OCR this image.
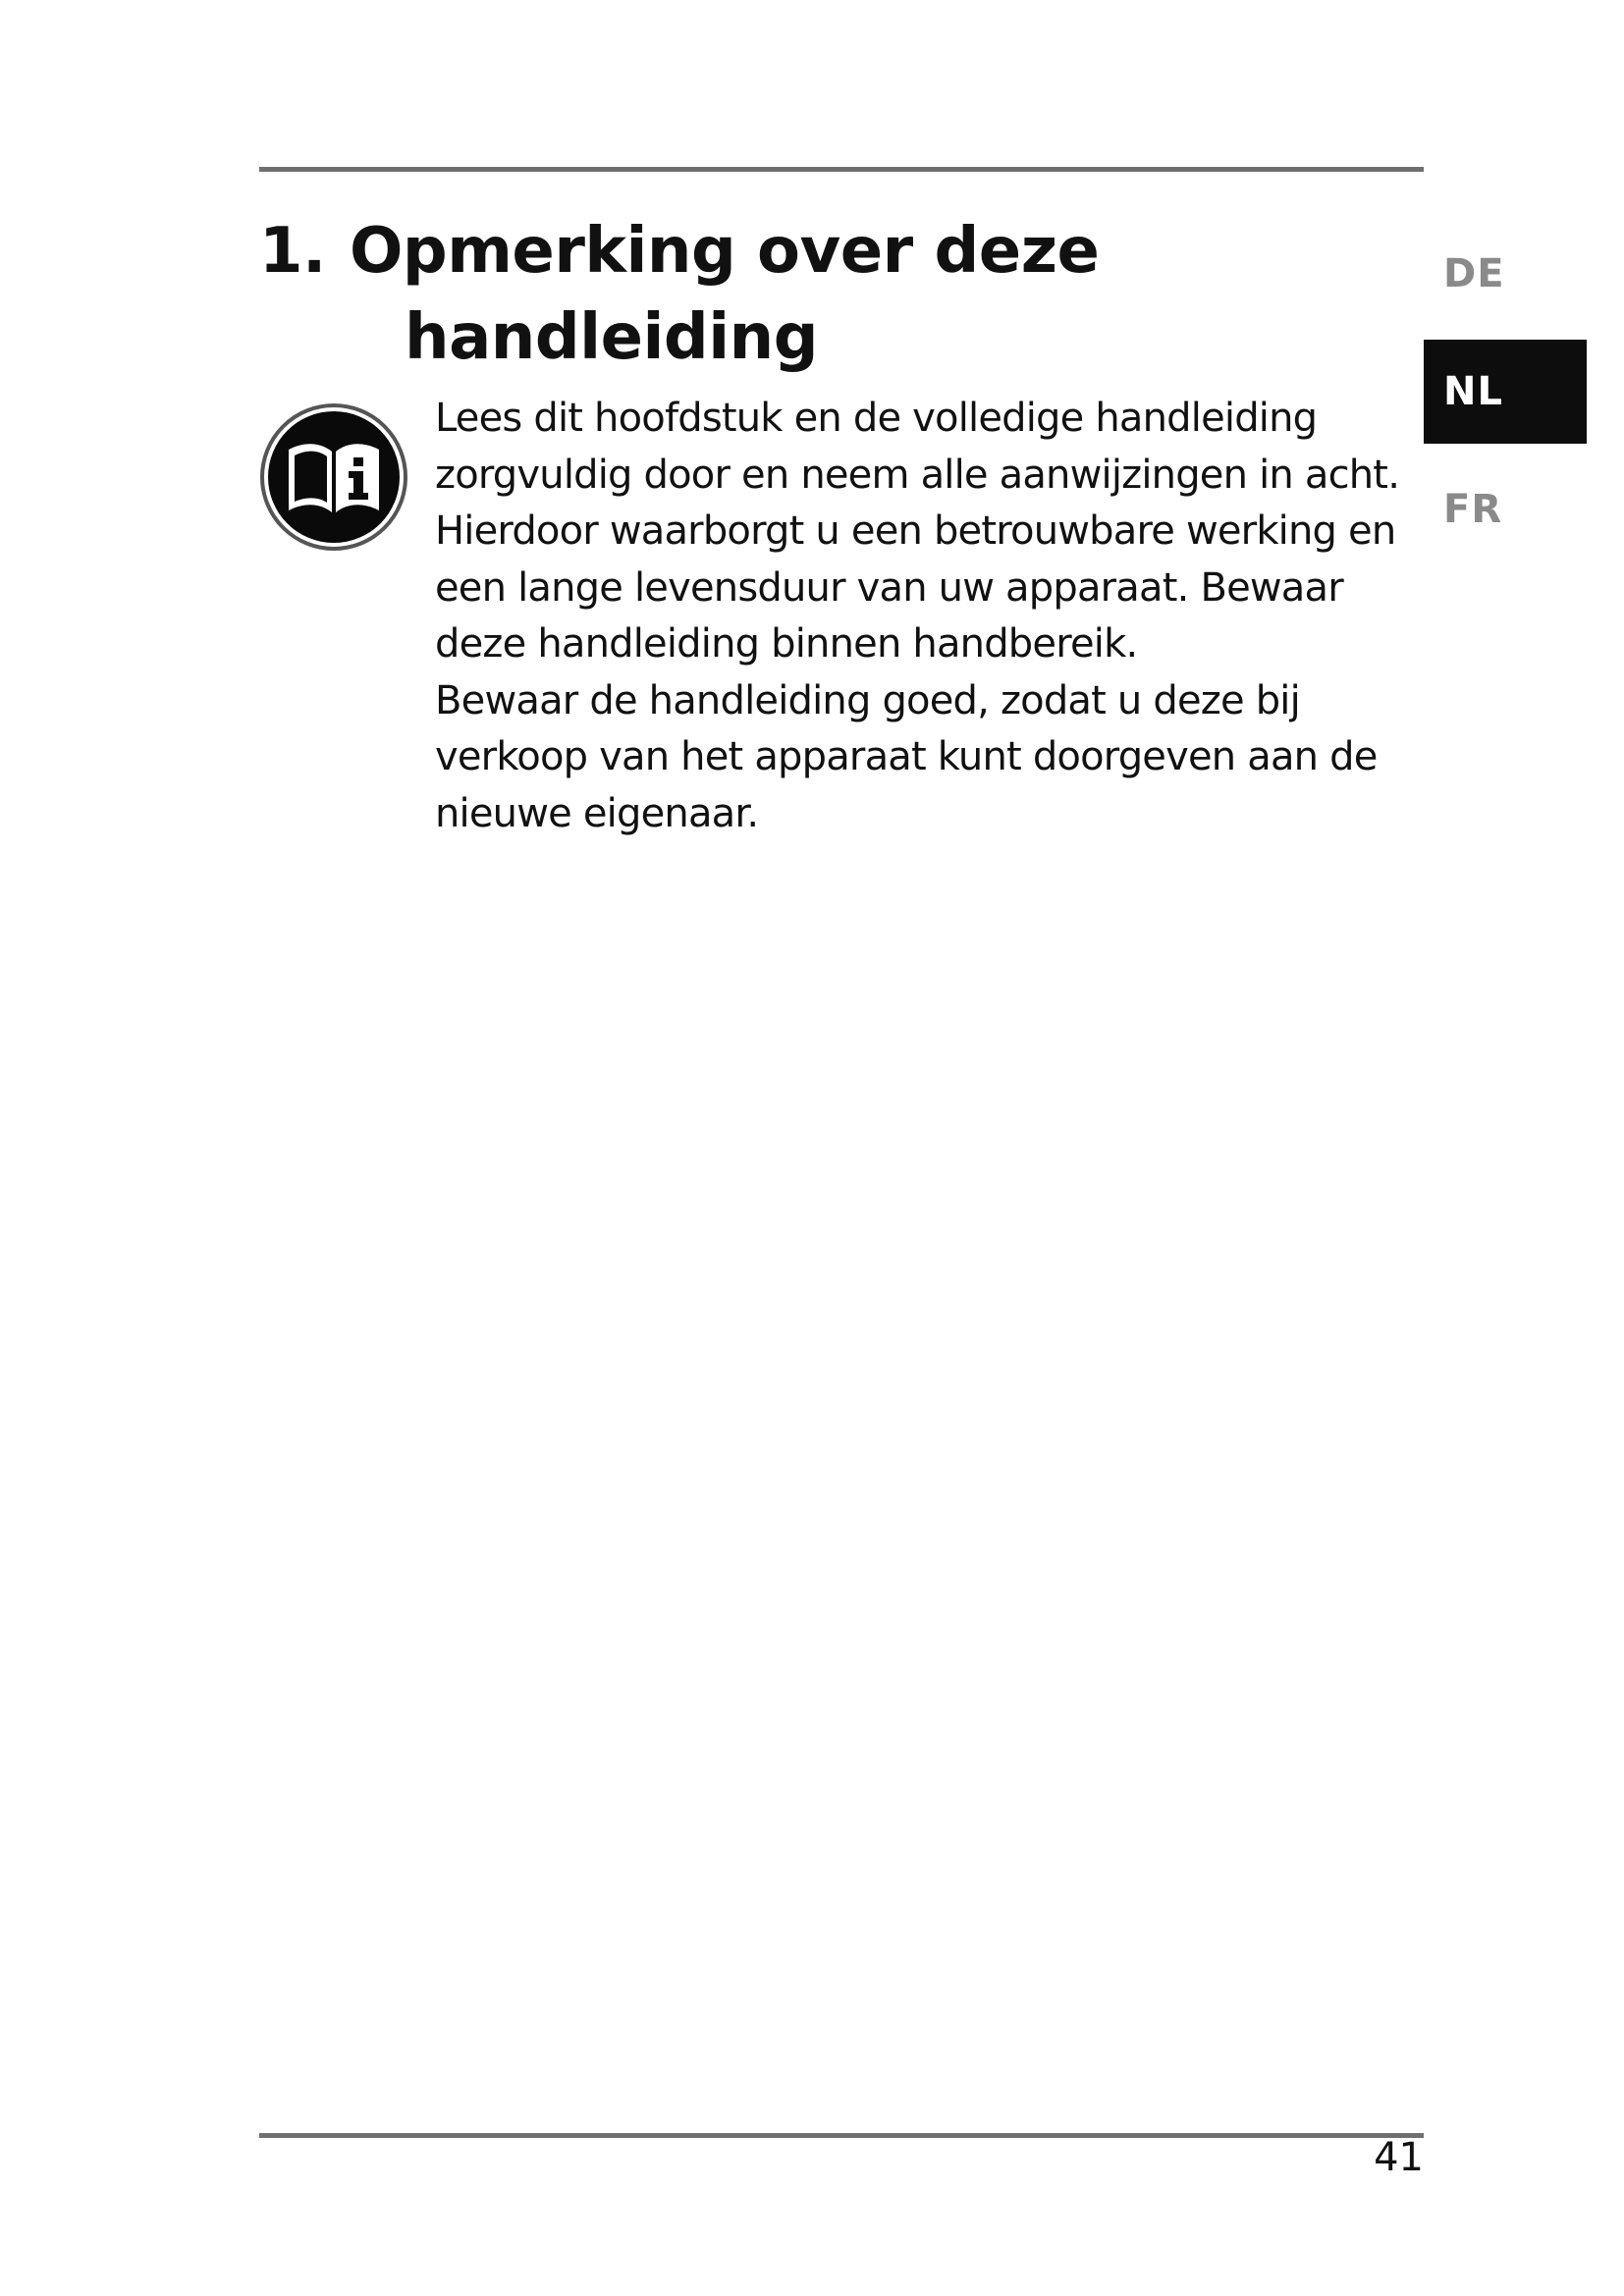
1. Opmerking over deze
handleiding

Lees dit hoofdstuk en de volledige handleiding zorgvuldig door en neem alle aanwijzingen in acht. Hierdoor waarborgt u een betrouwbare werking en een lange levensduur van uw apparaat. Bewaar deze handleiding binnen handbereik.

Bewaar de handleiding goed, zodat u deze bij verkoop van het apparaat kunt doorgeven aan de nieuwe eigenaar.

DE
NL
FR
41
